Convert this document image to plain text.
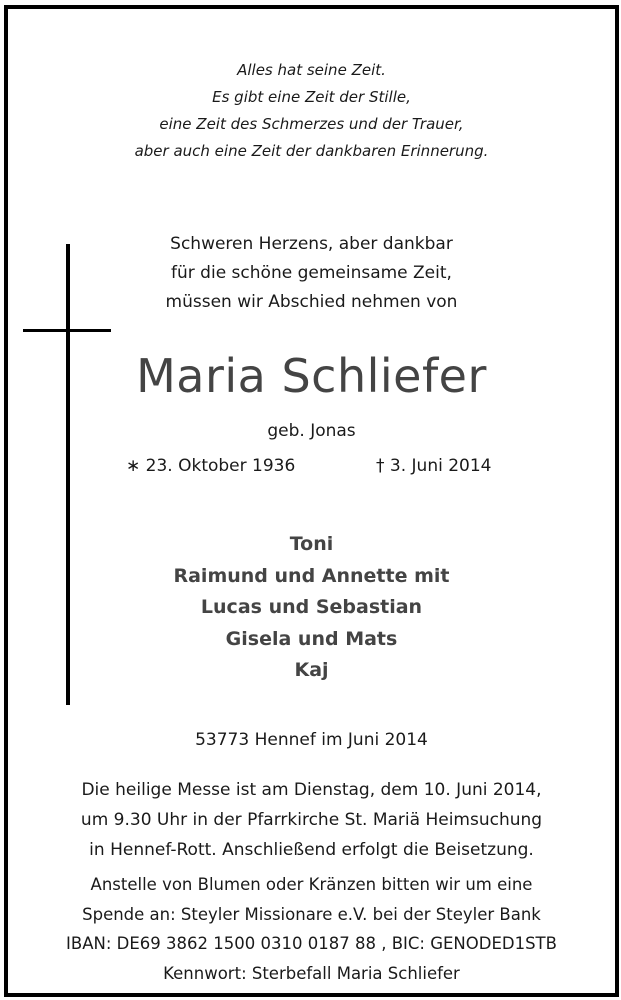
Alles hat seine Zeit.
Es gibt eine Zeit der Stille,
eine Zeit des Schmerzes und der Trauer,
aber auch eine Zeit der dankbaren Erinnerung.
Schweren Herzens, aber dankbar
für die schöne gemeinsame Zeit,
müssen wir Abschied nehmen von
Maria Schliefer
geb. Jonas
∗ 23. Oktober 1936	† 3. Juni 2014
Toni
Raimund und Annette mit
Lucas und Sebastian
Gisela und Mats
Kaj
53773 Hennef im Juni 2014
Die heilige Messe ist am Dienstag, dem 10. Juni 2014,
um 9.30 Uhr in der Pfarrkirche St. Mariä Heimsuchung
in Hennef-Rott. Anschließend erfolgt die Beisetzung.
Anstelle von Blumen oder Kränzen bitten wir um eine
Spende an: Steyler Missionare e.V. bei der Steyler Bank
IBAN: DE69 3862 1500 0310 0187 88 , BIC: GENODED1STB
Kennwort: Sterbefall Maria Schliefer
